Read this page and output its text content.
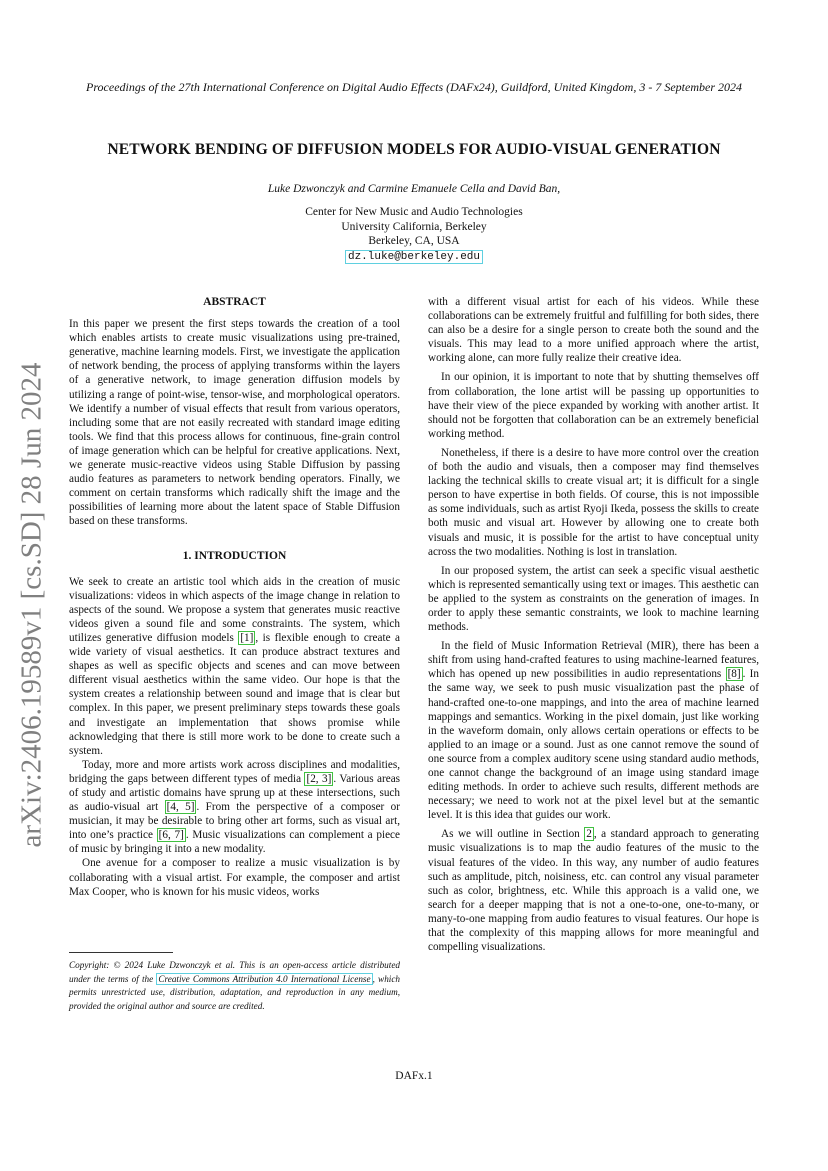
Proceedings of the 27th International Conference on Digital Audio Effects (DAFx24), Guildford, United Kingdom, 3 - 7 September 2024
NETWORK BENDING OF DIFFUSION MODELS FOR AUDIO-VISUAL GENERATION
Luke Dzwonczyk and Carmine Emanuele Cella and David Ban,
Center for New Music and Audio Technologies
University California, Berkeley
Berkeley, CA, USA
dz.luke@berkeley.edu
arXiv:2406.19589v1 [cs.SD] 28 Jun 2024
ABSTRACT

In this paper we present the first steps towards the creation of a tool which enables artists to create music visualizations using pre-trained, generative, machine learning models. First, we investigate the application of network bending, the process of applying transforms within the layers of a generative network, to image generation diffusion models by utilizing a range of point-wise, tensor-wise, and morphological operators. We identify a number of visual effects that result from various operators, including some that are not easily recreated with standard image editing tools. We find that this process allows for continuous, fine-grain control of image generation which can be helpful for creative applications. Next, we generate music-reactive videos using Stable Diffusion by passing audio features as parameters to network bending operators. Finally, we comment on certain transforms which radically shift the image and the possibilities of learning more about the latent space of Stable Diffusion based on these transforms.

1. INTRODUCTION

We seek to create an artistic tool which aids in the creation of music visualizations: videos in which aspects of the image change in relation to aspects of the sound. We propose a system that generates music reactive videos given a sound file and some constraints. The system, which utilizes generative diffusion models [1] , is flexible enough to create a wide variety of visual aesthetics. It can produce abstract textures and shapes as well as specific objects and scenes and can move between different visual aesthetics within the same video. Our hope is that the system creates a relationship between sound and image that is clear but complex. In this paper, we present preliminary steps towards these goals and investigate an implementation that shows promise while acknowledging that there is still more work to be done to create such a system.

Today, more and more artists work across disciplines and modalities, bridging the gaps between different types of media [2, 3] . Various areas of study and artistic domains have sprung up at these intersections, such as audio-visual art [4, 5] . From the perspective of a composer or musician, it may be desirable to bring other art forms, such as visual art, into one’s practice [6, 7] . Music visualizations can complement a piece of music by bringing it into a new modality.

One avenue for a composer to realize a music visualization is by collaborating with a visual artist. For example, the composer and artist Max Cooper, who is known for his music videos, works

Copyright: © 2024 Luke Dzwonczyk et al. This is an open-access article distributed under the terms of the Creative Commons Attribution 4.0 International License , which permits unrestricted use, distribution, adaptation, and reproduction in any medium, provided the original author and source are credited.

with a different visual artist for each of his videos. While these collaborations can be extremely fruitful and fulfilling for both sides, there can also be a desire for a single person to create both the sound and the visuals. This may lead to a more unified approach where the artist, working alone, can more fully realize their creative idea.

In our opinion, it is important to note that by shutting themselves off from collaboration, the lone artist will be passing up opportunities to have their view of the piece expanded by working with another artist. It should not be forgotten that collaboration can be an extremely beneficial working method.

Nonetheless, if there is a desire to have more control over the creation of both the audio and visuals, then a composer may find themselves lacking the technical skills to create visual art; it is difficult for a single person to have expertise in both fields. Of course, this is not impossible as some individuals, such as artist Ryoji Ikeda, possess the skills to create both music and visual art. However by allowing one to create both visuals and music, it is possible for the artist to have conceptual unity across the two modalities. Nothing is lost in translation.

In our proposed system, the artist can seek a specific visual aesthetic which is represented semantically using text or images. This aesthetic can be applied to the system as constraints on the generation of images. In order to apply these semantic constraints, we look to machine learning methods.

In the field of Music Information Retrieval (MIR), there has been a shift from using hand-crafted features to using machine-learned features, which has opened up new possibilities in audio representations [8] . In the same way, we seek to push music visualization past the phase of hand-crafted one-to-one mappings, and into the area of machine learned mappings and semantics. Working in the pixel domain, just like working in the waveform domain, only allows certain operations or effects to be applied to an image or a sound. Just as one cannot remove the sound of one source from a complex auditory scene using standard audio methods, one cannot change the background of an image using standard image editing methods. In order to achieve such results, different methods are necessary; we need to work not at the pixel level but at the semantic level. It is this idea that guides our work.

As we will outline in Section 2 , a standard approach to generating music visualizations is to map the audio features of the music to the visual features of the video. In this way, any number of audio features such as amplitude, pitch, noisiness, etc. can control any visual parameter such as color, brightness, etc. While this approach is a valid one, we search for a deeper mapping that is not a one-to-one, one-to-many, or many-to-one mapping from audio features to visual features. Our hope is that the complexity of this mapping allows for more meaningful and compelling visualizations.

DAFx.1
